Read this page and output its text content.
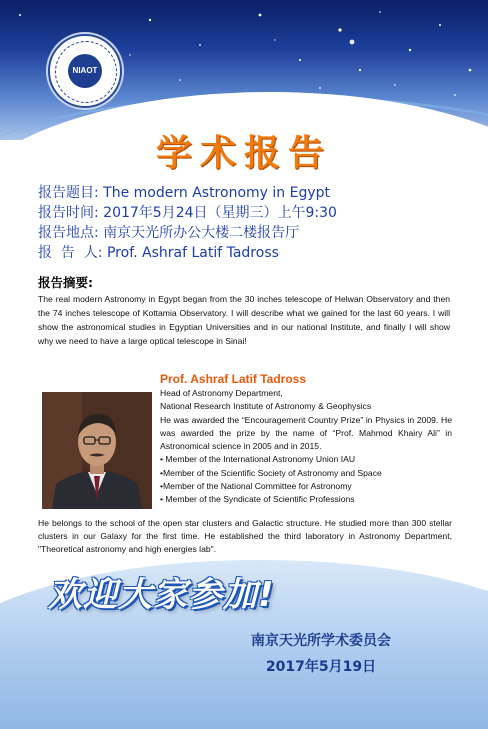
NIAOT
学术报告
报告题目: The modern Astronomy in Egypt
报告时间: 2017年5月24日（星期三）上午9:30
报告地点: 南京天光所办公大楼二楼报告厅
报  告  人: Prof. Ashraf Latif Tadross
报告摘要:
The real modern Astronomy in Egypt began from the 30 inches telescope of Helwan Observatory and then the 74 inches telescope of Kottamia Observatory. I will describe what we gained for the last 60 years. I will show the astronomical studies in Egyptian Universities and in our national Institute, and finally I will show why we need to have a large optical telescope in Sinai!
Prof. Ashraf Latif Tadross
Head of Astronomy Department,
National Research Institute of Astronomy & Geophysics
He was awarded the “Encouragement Country Prize” in Physics in 2009. He was awarded the prize by the name of “Prof. Mahmod Khairy Ali” in Astronomical science in 2005 and in 2015.
• Member of the International Astronomy Union IAU
•Member of the Scientific Society of Astronomy and Space
•Member of the National Committee for Astronomy
• Member of the Syndicate of Scientific Professions
He belongs to the school of the open star clusters and Galactic structure. He studied more than 300 stellar clusters in our Galaxy for the first time. He established the third laboratory in Astronomy Department, "Theoretical astronomy and high energies lab".
欢迎大家参加!
南京天光所学术委员会
2017年5月19日
